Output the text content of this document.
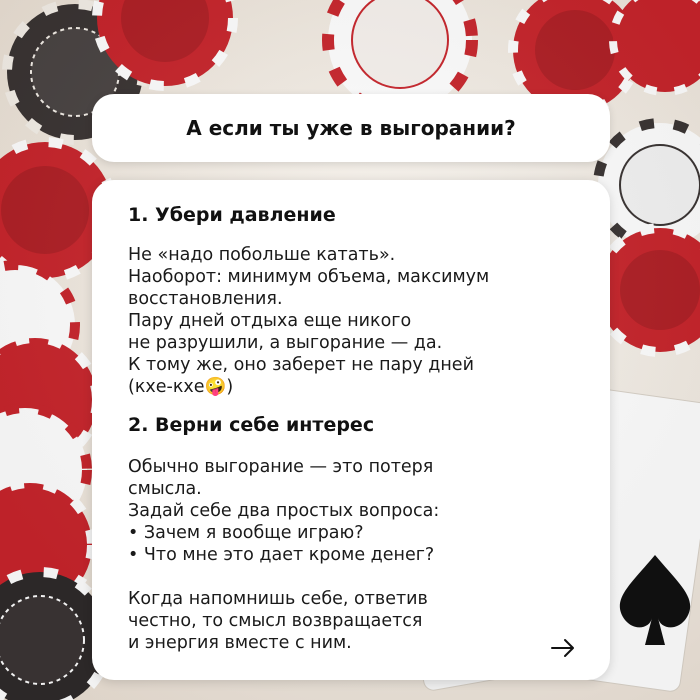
А если ты уже в выгорании?
1. Убери давление

Не «надо побольше катать».
Наоборот: минимум объема, максимум восстановления.
Пару дней отдыха еще никого
не разрушили, а выгорание — да.
К тому же, оно заберет не пару дней
(кхе-кхе🤪)

2. Верни себе интерес

Обычно выгорание — это потеря
смысла.
Задай себе два простых вопроса:
• Зачем я вообще играю?
• Что мне это дает кроме денег?

Когда напомнишь себе, ответив
честно, то смысл возвращается
и энергия вместе с ним.
